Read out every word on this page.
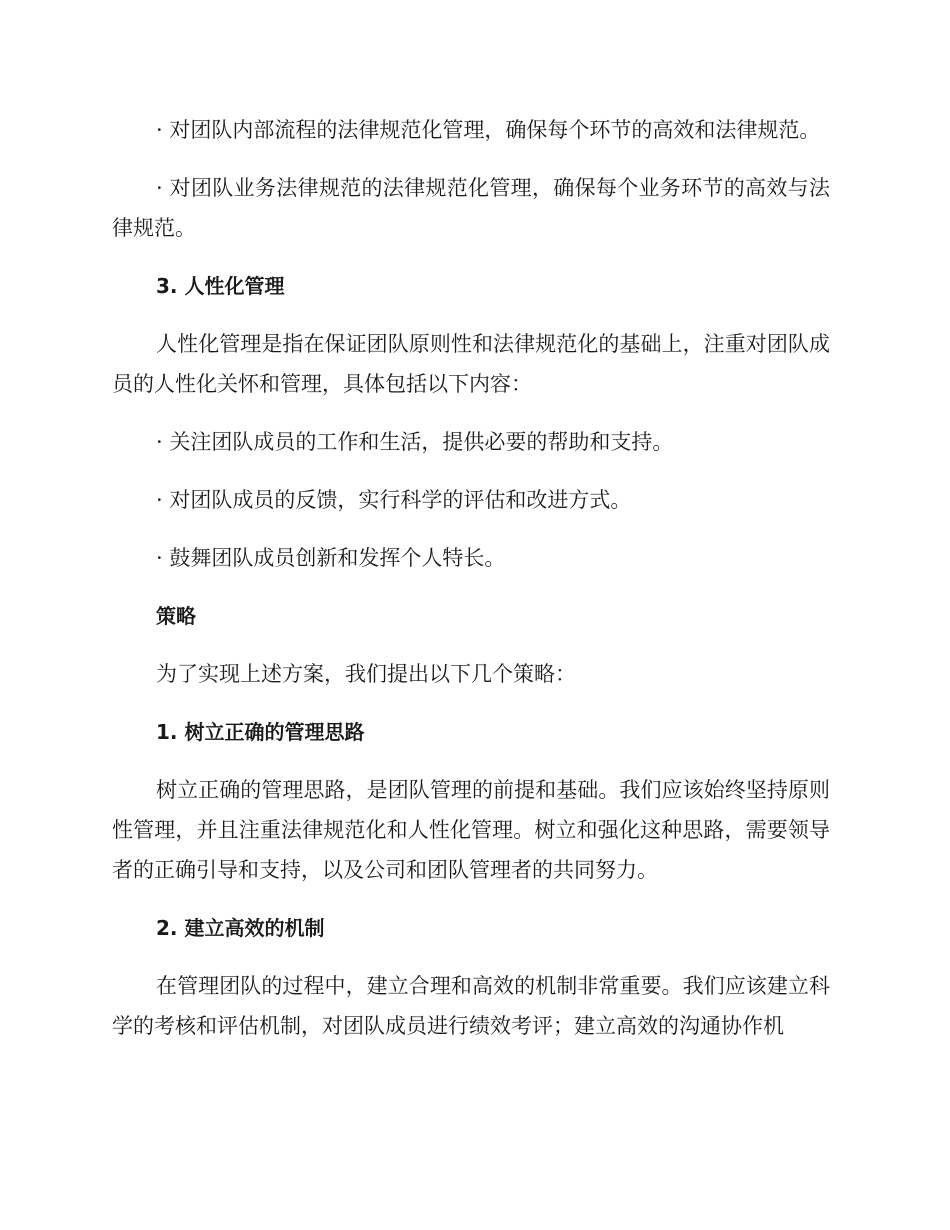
· 对团队内部流程的法律规范化管理，确保每个环节的高效和法律规范。

· 对团队业务法律规范的法律规范化管理，确保每个业务环节的高效与法律规范。

3. 人性化管理

人性化管理是指在保证团队原则性和法律规范化的基础上，注重对团队成员的人性化关怀和管理，具体包括以下内容：

· 关注团队成员的工作和生活，提供必要的帮助和支持。

· 对团队成员的反馈，实行科学的评估和改进方式。

· 鼓舞团队成员创新和发挥个人特长。

策略

为了实现上述方案，我们提出以下几个策略：

1. 树立正确的管理思路

树立正确的管理思路，是团队管理的前提和基础。我们应该始终坚持原则性管理，并且注重法律规范化和人性化管理。树立和强化这种思路，需要领导者的正确引导和支持，以及公司和团队管理者的共同努力。

2. 建立高效的机制

在管理团队的过程中，建立合理和高效的机制非常重要。我们应该建立科学的考核和评估机制，对团队成员进行绩效考评；建立高效的沟通协作机
